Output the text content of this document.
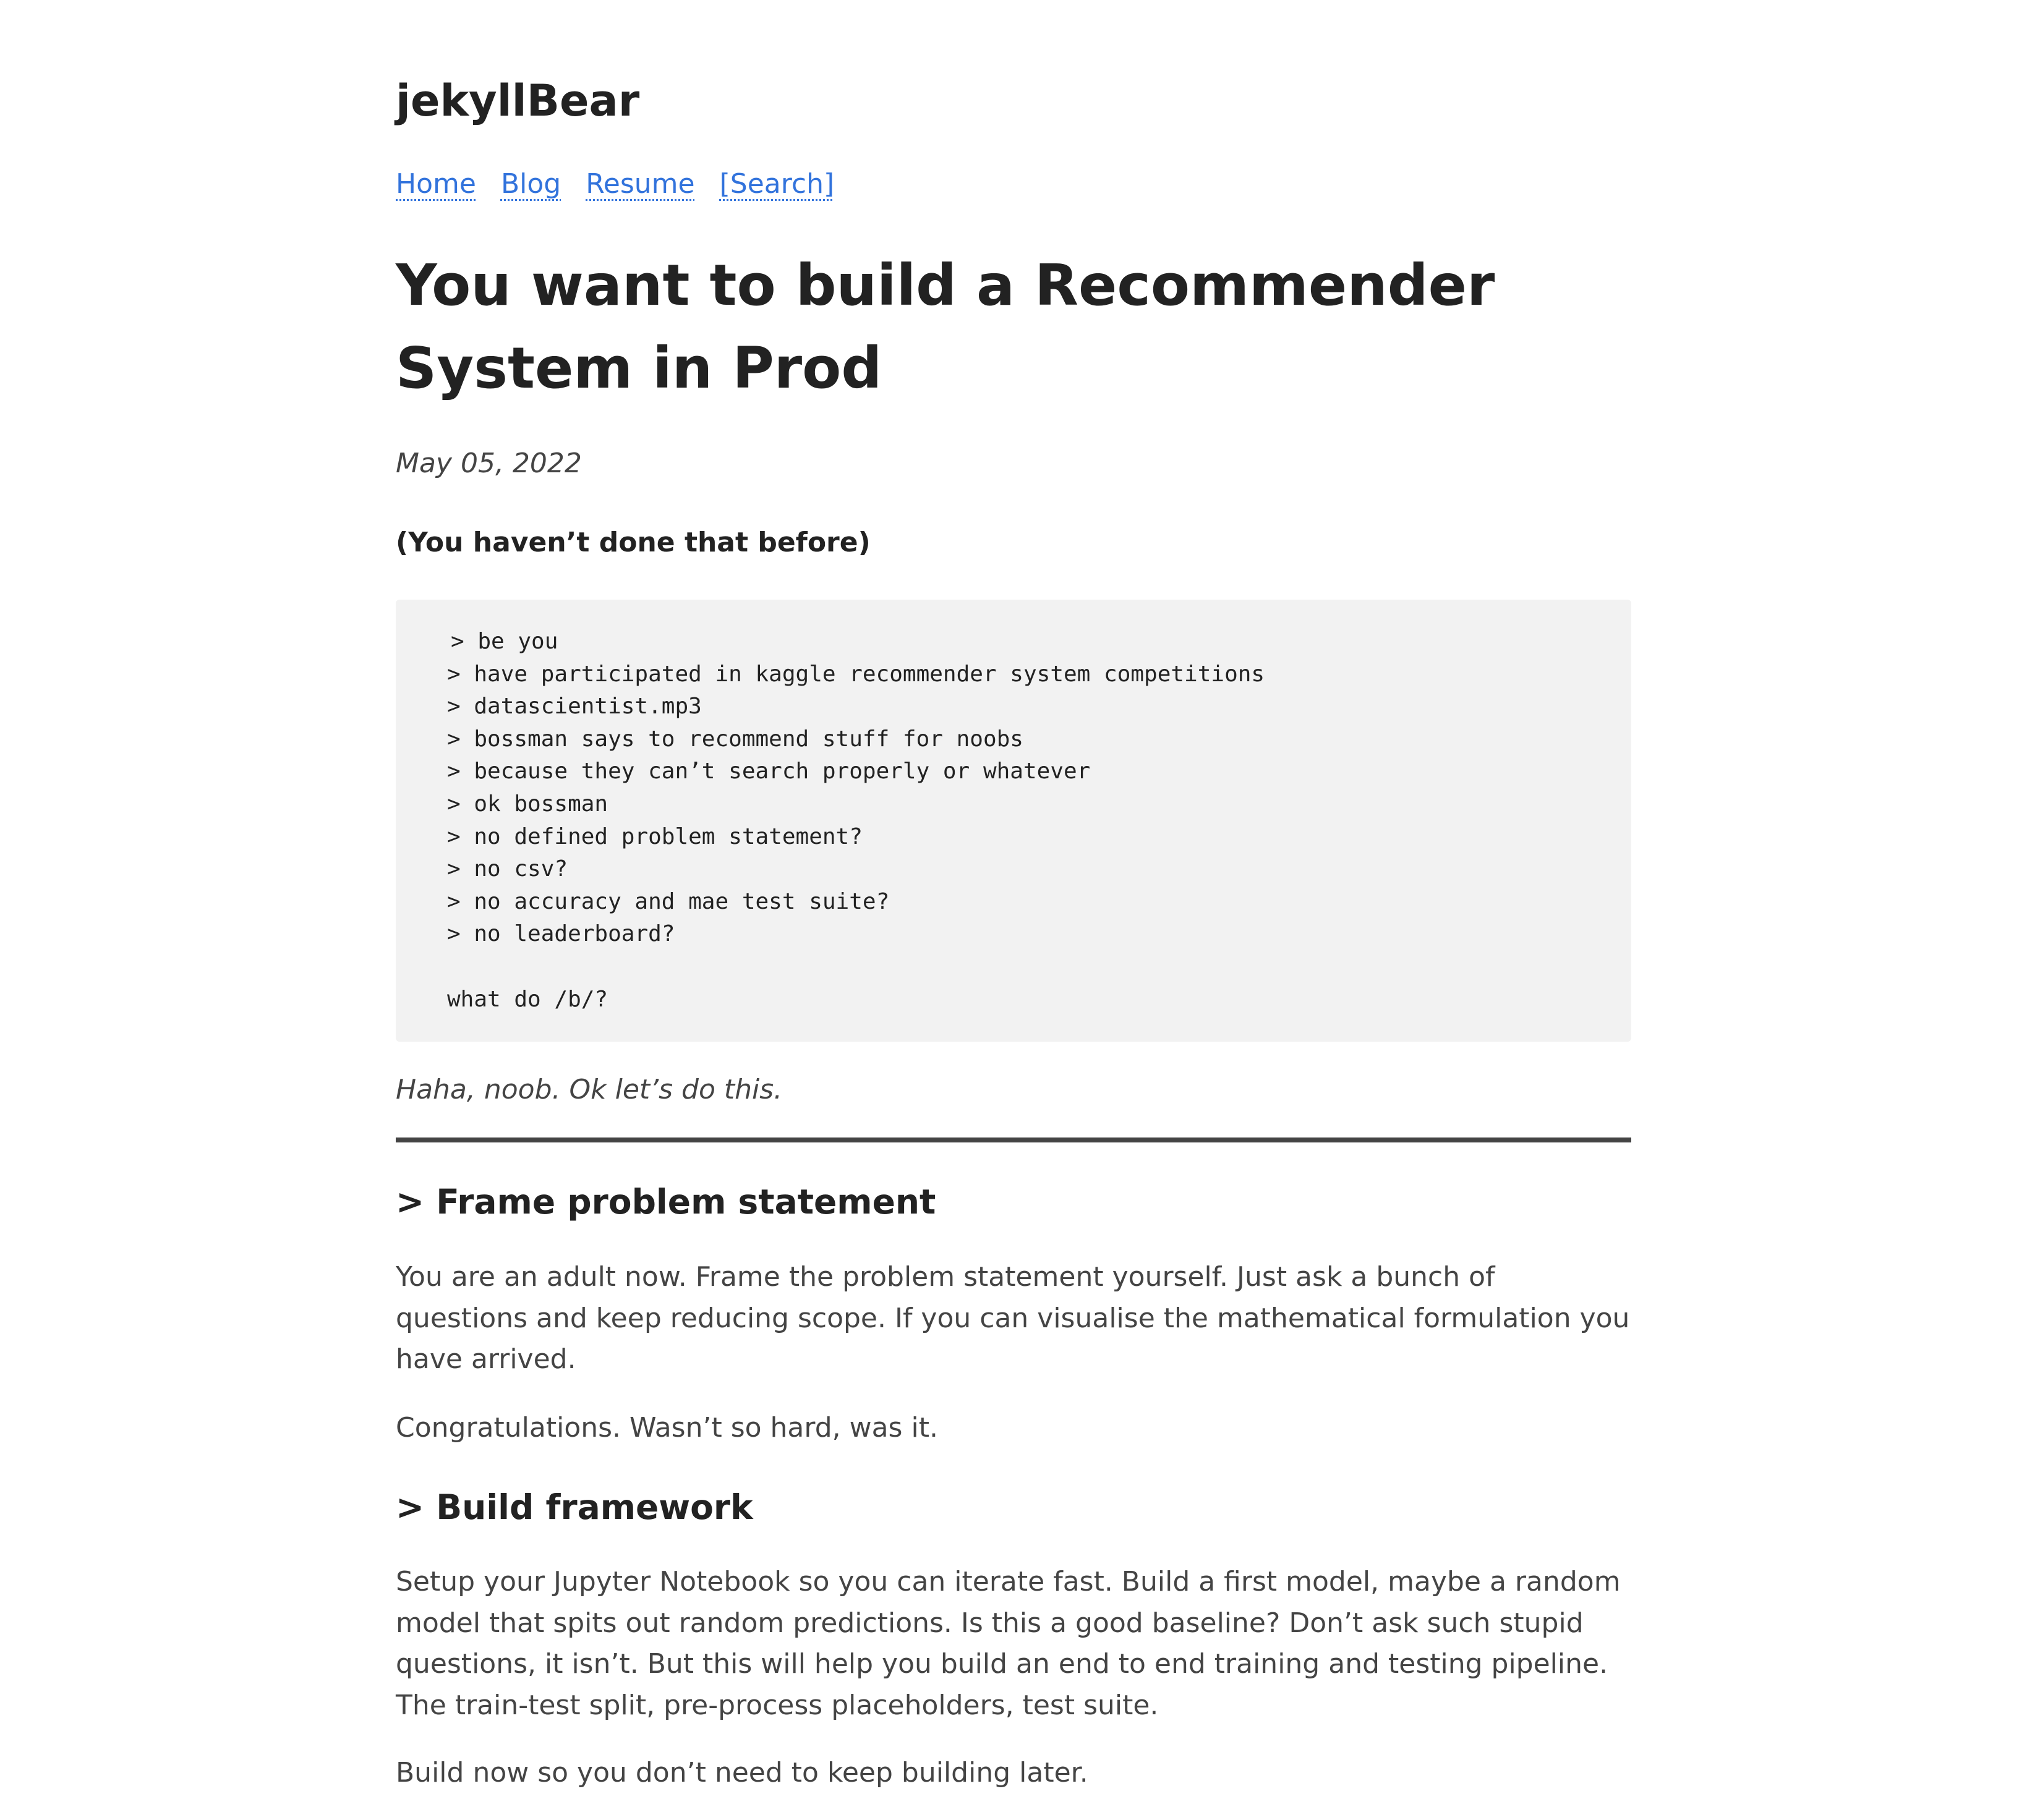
jekyllBear
Home Blog Resume [Search]
You want to build a Recommender System in Prod
May 05, 2022
(You haven’t done that before)
> be you
> have participated in kaggle recommender system competitions
> datascientist.mp3
> bossman says to recommend stuff for noobs
> because they can’t search properly or whatever
> ok bossman
> no defined problem statement?
> no csv?
> no accuracy and mae test suite?
> no leaderboard?
what do /b/?
Haha, noob. Ok let’s do this.
> Frame problem statement

You are an adult now. Frame the problem statement yourself. Just ask a bunch of questions and keep reducing scope. If you can visualise the mathematical formulation you have arrived.

Congratulations. Wasn’t so hard, was it.

> Build framework

Setup your Jupyter Notebook so you can iterate fast. Build a first model, maybe a random model that spits out random predictions. Is this a good baseline? Don’t ask such stupid questions, it isn’t. But this will help you build an end to end training and testing pipeline. The train-test split, pre-process placeholders, test suite.

Build now so you don’t need to keep building later.
